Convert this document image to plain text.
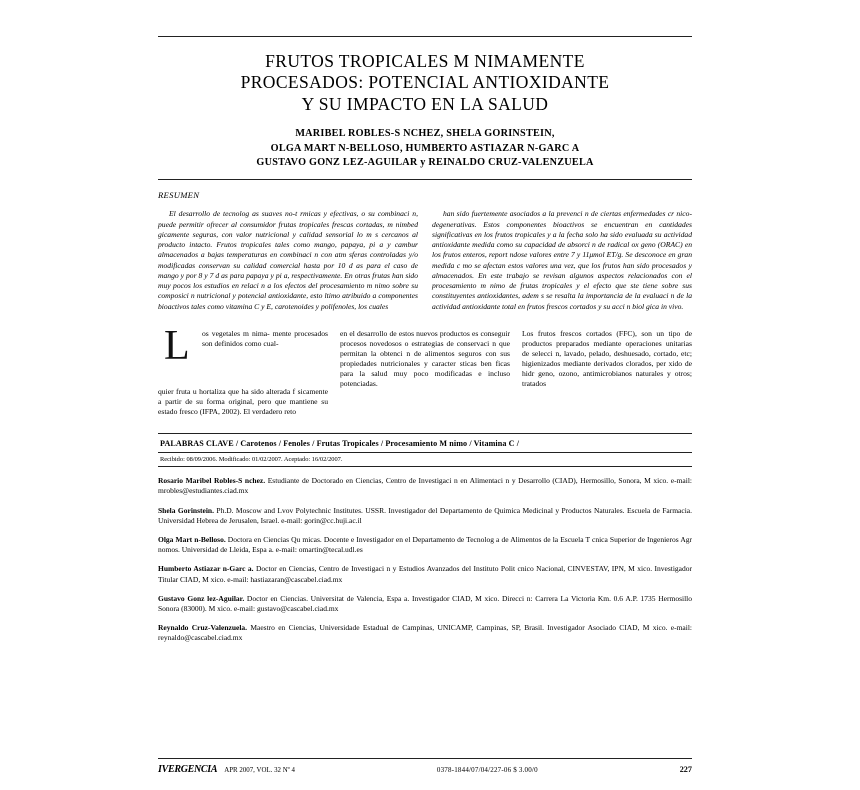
FRUTOS TROPICALES M NIMAMENTE
PROCESADOS: POTENCIAL ANTIOXIDANTE
Y SU IMPACTO EN LA SALUD
MARIBEL ROBLES-S NCHEZ, SHELA GORINSTEIN,
OLGA MART N-BELLOSO, HUMBERTO ASTIAZAR N-GARC A
GUSTAVO GONZ LEZ-AGUILAR y REINALDO CRUZ-VALENZUELA
RESUMEN

El desarrollo de tecnolog as suaves no-t rmicas y efectivas, o su combinaci n, puede permitir ofrecer al consumidor frutas tropicales frescas cortadas, m nimbed gicamente seguras, con valor nutricional y calidad sensorial lo m s cercanos al producto intacto. Frutos tropicales tales como mango, papaya, pi a y cambur almacenados a bajas temperaturas en combinaci n con atm sferas controladas y/o modificadas conservan su calidad comercial hasta por 10 d as para el caso de mango y por 8 y 7 d as para papaya y pi a, respectivamente. En otras frutas han sido muy pocos los estudios en relaci n a los efectos del procesamiento m nimo sobre su composici n nutricional y potencial antioxidante, esto ltimo atribuido a componentes bioactivos tales como vitamina C y E, carotenoides y polifenoles, los cuales

han sido fuertemente asociados a la prevenci n de ciertas enfermedades cr nico-degenerativas. Estos componentes bioactivos se encuentran en cantidades significativas en los frutos tropicales y a la fecha solo ha sido evaluada su actividad antioxidante medida como su capacidad de absorci n de radical ox geno (ORAC) en los frutos enteros, report ndose valores entre 7 y 11μmol ET/g. Se desconoce en gran medida c mo se afectan estos valores una vez, que los frutos han sido procesados y almacenados. En este trabajo se revisan algunos aspectos relacionados con el procesamiento m nimo de frutas tropicales y el efecto que ste tiene sobre sus constituyentes antioxidantes, adem s se resalta la importancia de la evaluaci n de la actividad antioxidante total en frutos frescos cortados y su acci n biol gica in vivo.

L	os vegetales m nima- mente procesados son definidos como cual-

quier fruta u hortaliza que ha sido alterada f sicamente a partir de su forma original, pero que mantiene su estado fresco (IFPA, 2002). El verdadero reto

en el desarrollo de estos nuevos productos es conseguir procesos novedosos o estrategias de conservaci n que permitan la obtenci n de alimentos seguros con sus propiedades nutricionales y caracter sticas ben ficas para la salud muy poco modificadas e incluso potenciadas.

Los frutos frescos cortados (FFC), son un tipo de productos preparados mediante operaciones unitarias de selecci n, lavado, pelado, deshuesado, cortado, etc; higienizados mediante derivados clorados, per xido de hidr geno, ozono, antimicrobianos naturales y otros; tratados

PALABRAS CLAVE / Carotenos / Fenoles / Frutas Tropicales / Procesamiento M nimo / Vitamina C /
Recibido: 08/09/2006. Modificado: 01/02/2007. Aceptado: 16/02/2007.
Rosario Maribel Robles-S nchez. Estudiante de Doctorado en Ciencias, Centro de Investigaci n en Alimentaci n y Desarrollo (CIAD), Hermosillo, Sonora, M xico. e-mail: mrobles@estudiantes.ciad.mx
Shela Gorinstein. Ph.D. Moscow and Lvov Polytechnic Institutes. USSR. Investigador del Departamento de Quimica Medicinal y Productos Naturales. Escuela de Farmacia. Universidad Hebrea de Jerusalen, Israel. e-mail: gorin@cc.huji.ac.il
Olga Mart n-Belloso. Doctora en Ciencias Qu micas. Docente e Investigador en el Departamento de Tecnolog a de Alimentos de la Escuela T cnica Superior de Ingenieros Agr nomos. Universidad de Lleida, Espa a. e-mail: omartin@tecal.udl.es
Humberto Astiazar n-Garc a. Doctor en Ciencias, Centro de Investigaci n y Estudios Avanzados del Instituto Polit cnico Nacional, CINVESTAV, IPN, M xico. Investigador Titular CIAD, M xico. e-mail: hastiazaran@cascabel.ciad.mx
Gustavo Gonz lez-Aguilar. Doctor en Ciencias. Universitat de Valencia, Espa a. Investigador CIAD, M xico. Direcci n: Carrera La Victoria Km. 0.6 A.P. 1735 Hermosillo Sonora (83000). M xico. e-mail: gustavo@cascabel.ciad.mx
Reynaldo Cruz-Valenzuela. Maestro en Ciencias, Universidade Estadual de Campinas, UNICAMP, Campinas, SP, Brasil. Investigador Asociado CIAD, M xico. e-mail: reynaldo@cascabel.ciad.mx
IVERGENCIA APR 2007, VOL. 32 Nº 4	0378-1844/07/04/227-06 $ 3.00/0	227
